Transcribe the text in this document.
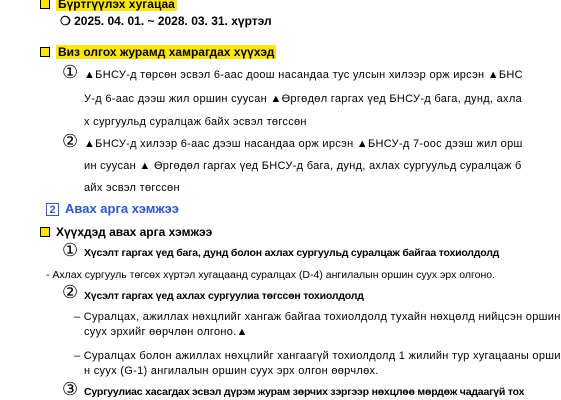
Бүртгүүлэх хугацаа
❍ 2025. 04. 01. ~ 2028. 03. 31. хүртэл
Виз олгох журамд хамрагдах хүүхэд
① ▲БНСУ-д төрсөн эсвэл 6-аас доош насандаа тус улсын хилээр орж ирсэн ▲БНС
У-д 6-аас дээш жил оршин суусан ▲Өргөдөл гаргах үед БНСУ-д бага, дунд, ахла
х сургуульд суралцаж байх эсвэл төгссөн
② ▲БНСУ-д хилээр 6-аас дээш насандаа орж ирсэн ▲БНСУ-д 7-оос дээш жил орш
ин суусан ▲ Өргөдөл гаргах үед БНСУ-д бага, дунд, ахлах сургуульд суралцаж б
айх эсвэл төгссөн
2 Авах арга хэмжээ
Хүүхдэд авах арга хэмжээ
① Хүсэлт гаргах үед бага, дунд болон ахлах сургуульд суралцаж байгаа тохиолдолд
- Ахлах сургууль төгсөх хүртэл хугацаанд суралцах (D-4) ангилалын оршин суух эрх олгоно.
② Хүсэлт гаргах үед ахлах сургуулиа төгссөн тохиолдолд
– Суралцах, ажиллах нөхцлийг хангаж байгаа тохиолдолд тухайн нөхцөлд нийцсэн оршин
суух эрхийг өөрчлөн олгоно.▲
– Суралцах болон ажиллах нөхцлийг хангаагүй тохиолдолд 1 жилийн тур хугацааны орши
н суух (G-1) ангилалын оршин суух эрх олгон өөрчлөх.
③ Сургуулиас хасагдах эсвэл дүрэм журам зөрчих зэргээр нөхцлөө мөрдөж чадаагүй тох
